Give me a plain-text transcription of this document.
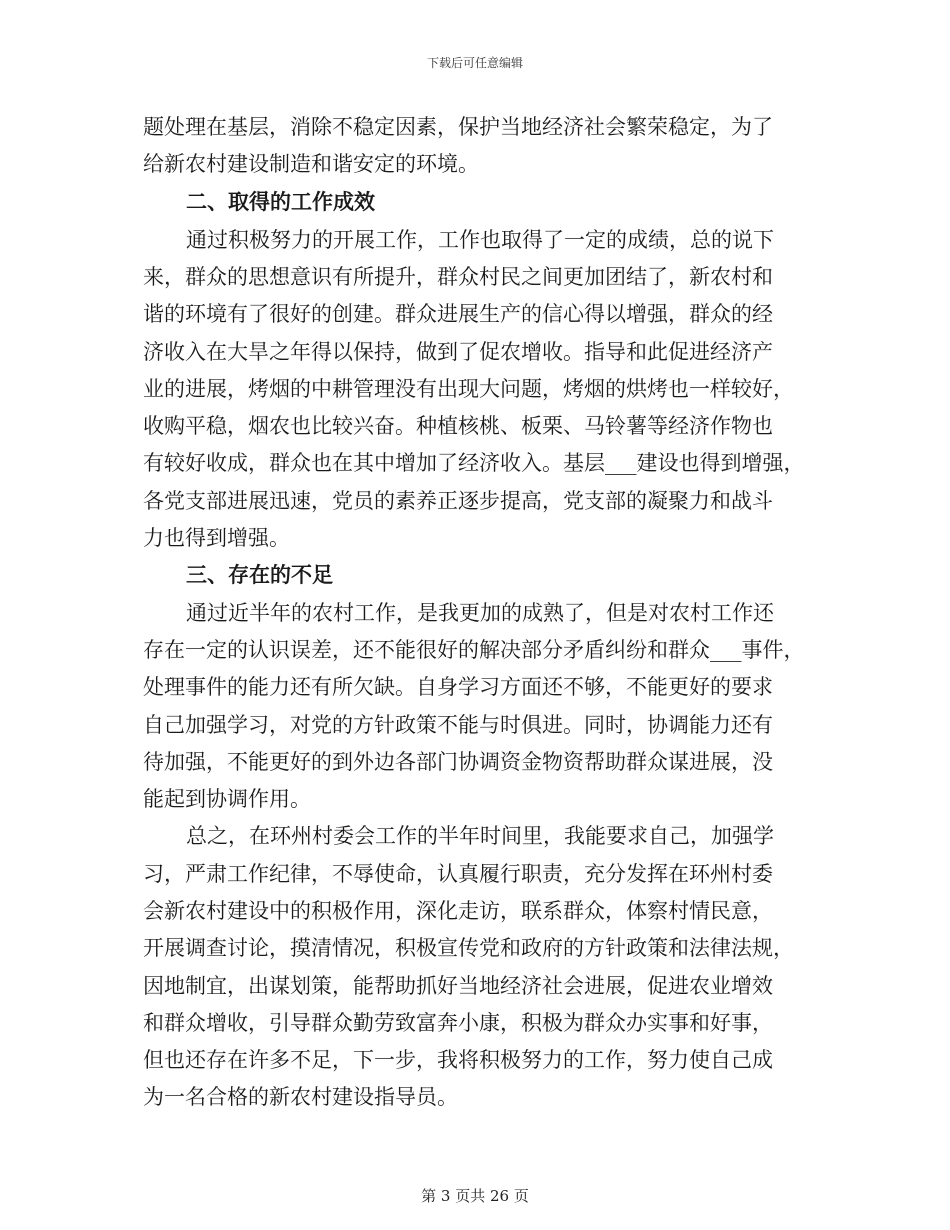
下载后可任意编辑
题处理在基层，消除不稳定因素，保护当地经济社会繁荣稳定，为了
给新农村建设制造和谐安定的环境。
二、取得的工作成效
通过积极努力的开展工作，工作也取得了一定的成绩，总的说下
来，群众的思想意识有所提升，群众村民之间更加团结了，新农村和
谐的环境有了很好的创建。群众进展生产的信心得以增强，群众的经
济收入在大旱之年得以保持，做到了促农增收。指导和此促进经济产
业的进展，烤烟的中耕管理没有出现大问题，烤烟的烘烤也一样较好，
收购平稳，烟农也比较兴奋。种植核桃、板栗、马铃薯等经济作物也
有较好收成，群众也在其中增加了经济收入。基层___建设也得到增强，
各党支部进展迅速，党员的素养正逐步提高，党支部的凝聚力和战斗
力也得到增强。
三、存在的不足
通过近半年的农村工作，是我更加的成熟了，但是对农村工作还
存在一定的认识误差，还不能很好的解决部分矛盾纠纷和群众___事件，
处理事件的能力还有所欠缺。自身学习方面还不够，不能更好的要求
自己加强学习，对党的方针政策不能与时俱进。同时，协调能力还有
待加强，不能更好的到外边各部门协调资金物资帮助群众谋进展，没
能起到协调作用。
总之，在环州村委会工作的半年时间里，我能要求自己，加强学
习，严肃工作纪律，不辱使命，认真履行职责，充分发挥在环州村委
会新农村建设中的积极作用，深化走访，联系群众，体察村情民意，
开展调查讨论，摸清情况，积极宣传党和政府的方针政策和法律法规，
因地制宜，出谋划策，能帮助抓好当地经济社会进展，促进农业增效
和群众增收，引导群众勤劳致富奔小康，积极为群众办实事和好事，
但也还存在许多不足，下一步，我将积极努力的工作，努力使自己成
为一名合格的新农村建设指导员。
第 3 页共 26 页
